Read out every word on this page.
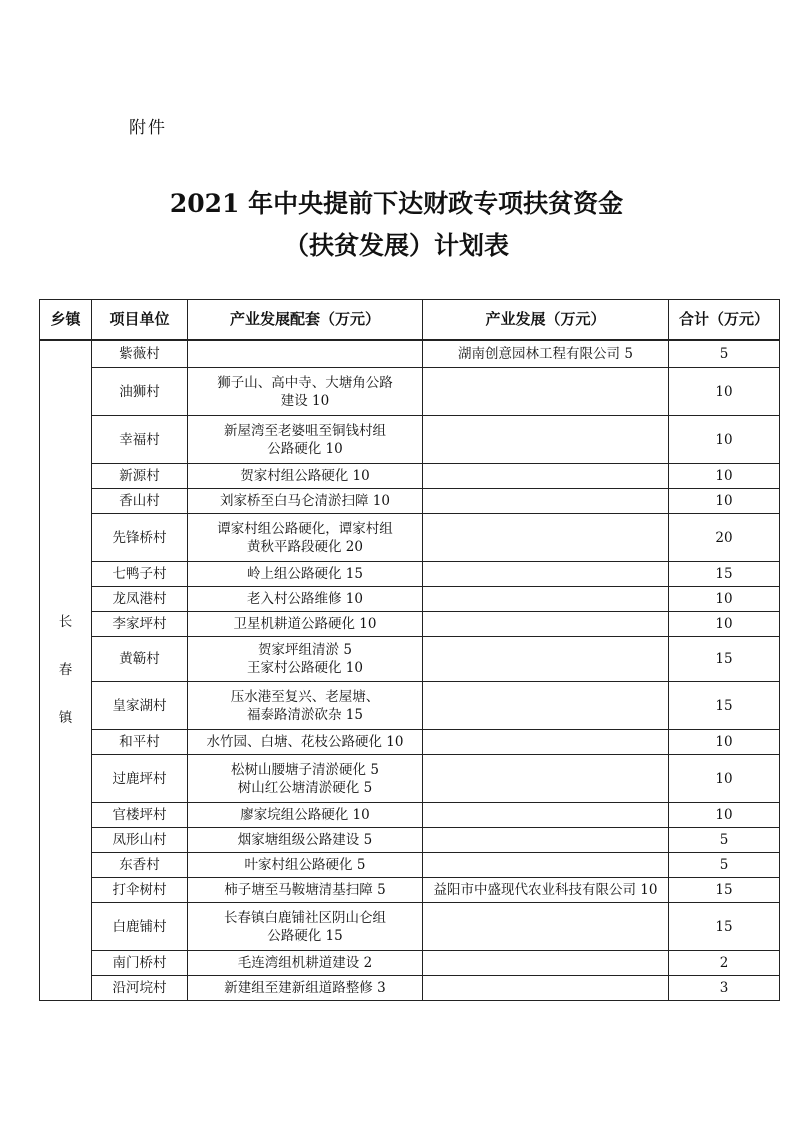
附件
2021 年中央提前下达财政专项扶贫资金
（扶贫发展）计划表
乡镇	项目单位	产业发展配套（万元）	产业发展（万元）	合计（万元）

长
春
镇	紫薇村		湖南创意园林工程有限公司 5	5
	油狮村	狮子山、高中寺、大塘角公路
建设 10		10
	幸福村	新屋湾至老婆咀至铜钱村组
公路硬化 10		10
	新源村	贺家村组公路硬化 10		10
	香山村	刘家桥至白马仑清淤扫障 10		10
	先锋桥村	谭家村组公路硬化，谭家村组
黄秋平路段硬化 20		20
	七鸭子村	岭上组公路硬化 15		15
	龙凤港村	老入村公路维修 10		10
	李家坪村	卫星机耕道公路硬化 10		10
	黄簕村	贺家坪组清淤 5
王家村公路硬化 10		15
	皇家湖村	压水港至复兴、老屋塘、
福泰路清淤砍杂 15		15
	和平村	水竹园、白塘、花枝公路硬化 10		10
	过鹿坪村	松树山腰塘子清淤硬化 5
树山红公塘清淤硬化 5		10
	官楼坪村	廖家垸组公路硬化 10		10
	凤形山村	烟家塘组级公路建设 5		5
	东香村	叶家村组公路硬化 5		5
	打伞树村	柿子塘至马鞍塘清基扫障 5	益阳市中盛现代农业科技有限公司 10	15
	白鹿铺村	长春镇白鹿铺社区阴山仑组
公路硬化 15		15
	南门桥村	毛连湾组机耕道建设 2		2
	沿河垸村	新建组至建新组道路整修 3		3
